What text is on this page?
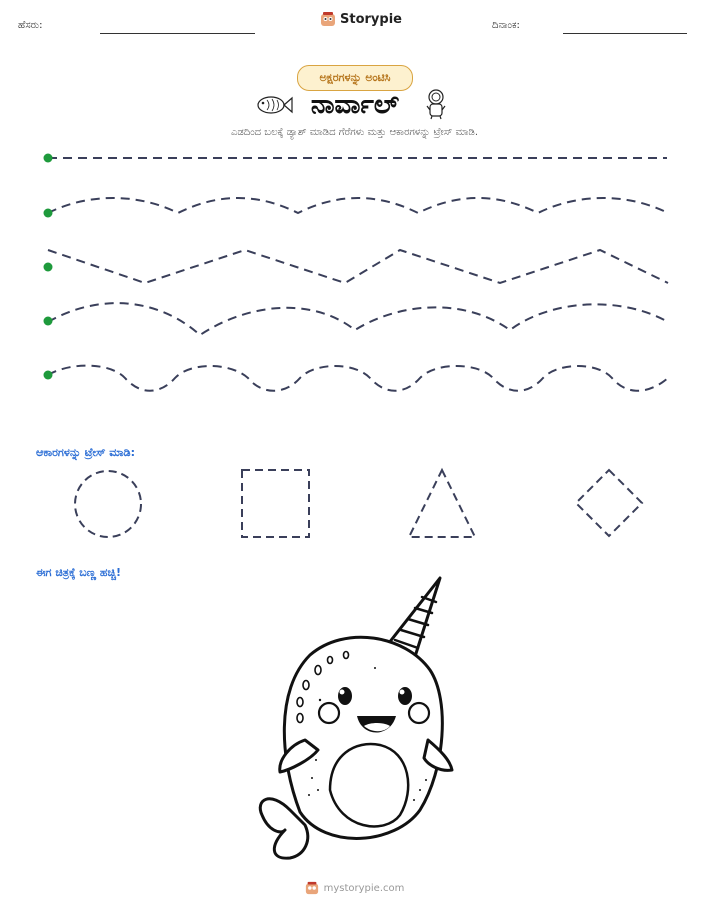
ಹೆಸರು:	Storypie	ದಿನಾಂಕ:
ಅಕ್ಷರಗಳನ್ನು ಅಂಟಿಸಿ
ನಾರ್ವಾಲ್
ಎಡದಿಂದ ಬಲಕ್ಕೆ ಡ್ಯಾಶ್ ಮಾಡಿದ ಗೆರೆಗಳು ಮತ್ತು ಆಕಾರಗಳನ್ನು ಟ್ರೇಸ್ ಮಾಡಿ.
ಆಕಾರಗಳನ್ನು ಟ್ರೇಸ್ ಮಾಡಿ:
ಈಗ ಚಿತ್ರಕ್ಕೆ ಬಣ್ಣ ಹಚ್ಚಿ!
mystorypie.com
